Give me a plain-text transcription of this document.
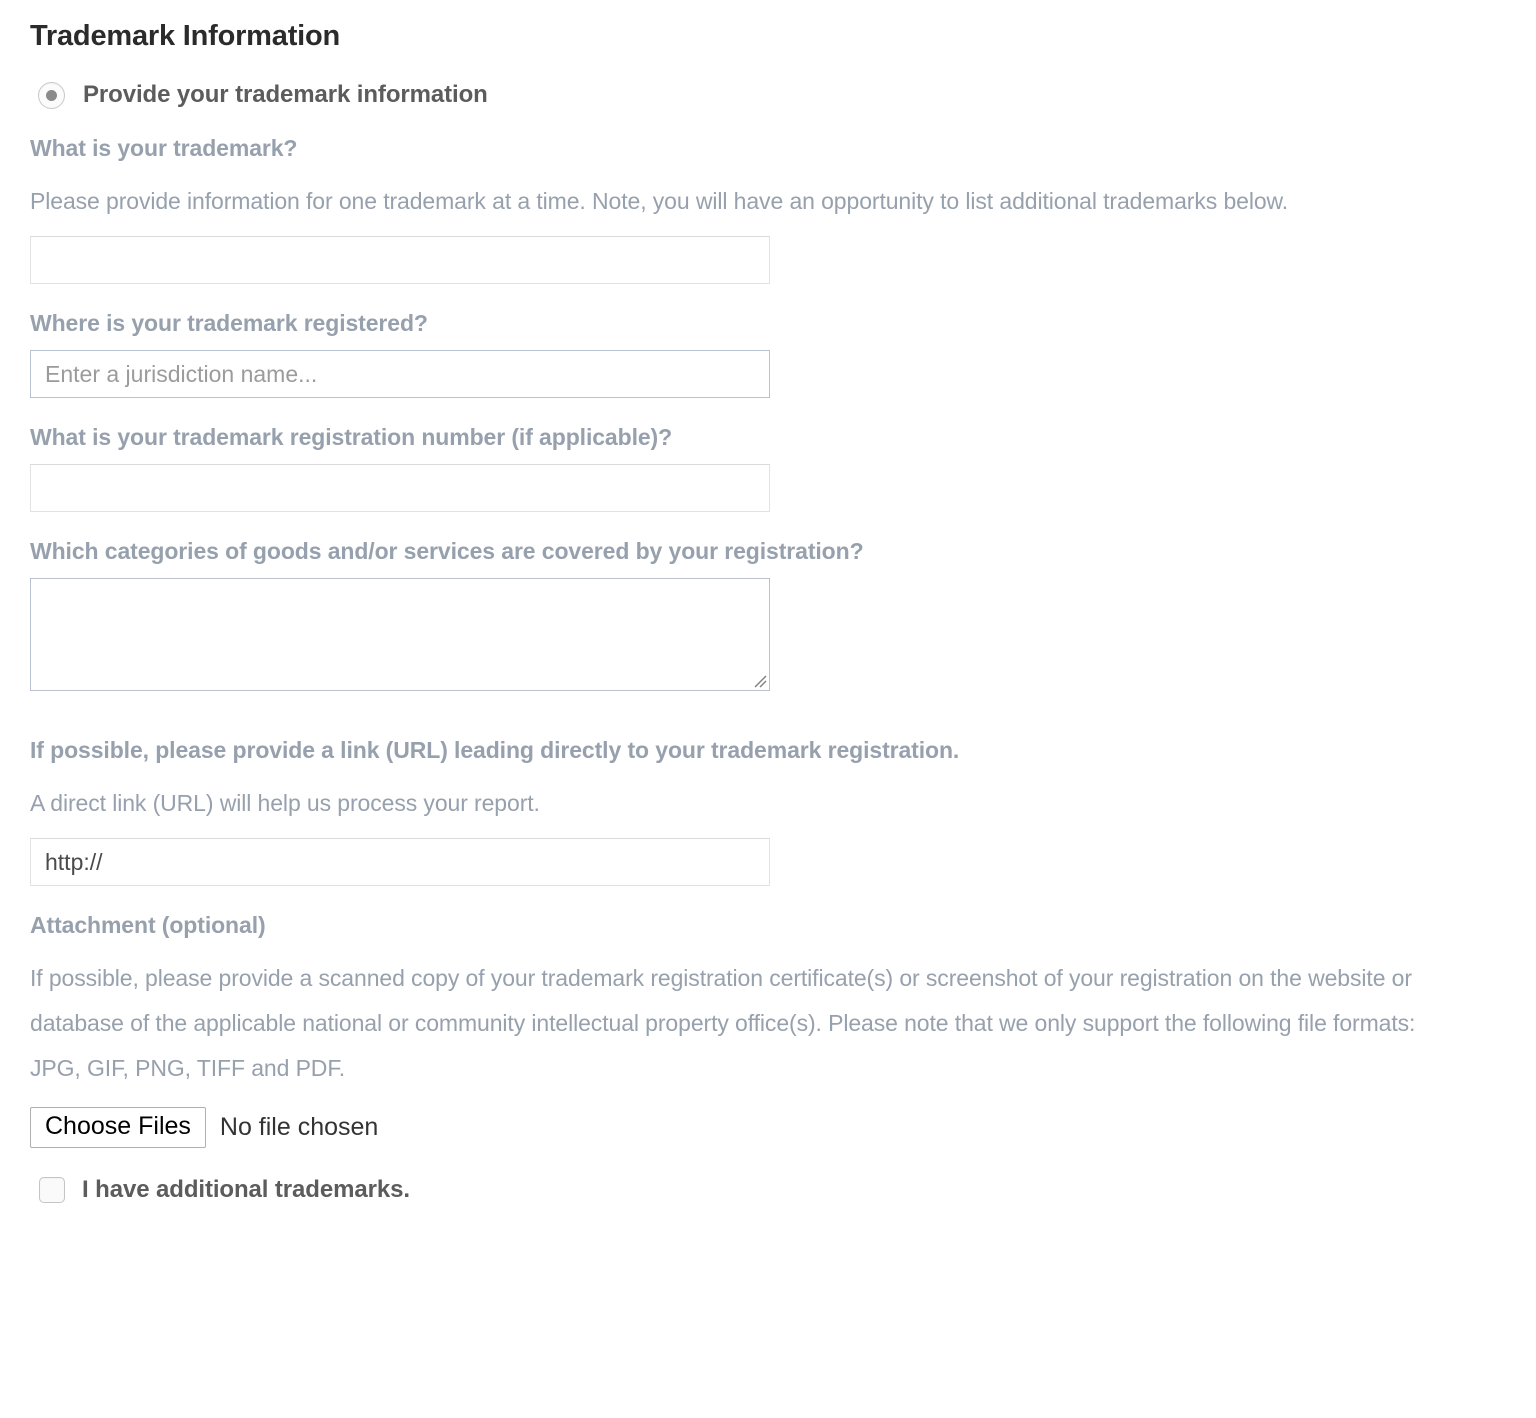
Trademark Information
Provide your trademark information
What is your trademark?
Please provide information for one trademark at a time. Note, you will have an opportunity to list additional trademarks below.
Where is your trademark registered?
Enter a jurisdiction name...
What is your trademark registration number (if applicable)?
Which categories of goods and/or services are covered by your registration?
If possible, please provide a link (URL) leading directly to your trademark registration.
A direct link (URL) will help us process your report.
http://
Attachment (optional)
If possible, please provide a scanned copy of your trademark registration certificate(s) or screenshot of your registration on the website or database of the applicable national or community intellectual property office(s). Please note that we only support the following file formats: JPG, GIF, PNG, TIFF and PDF.
Choose Files	No file chosen
I have additional trademarks.
